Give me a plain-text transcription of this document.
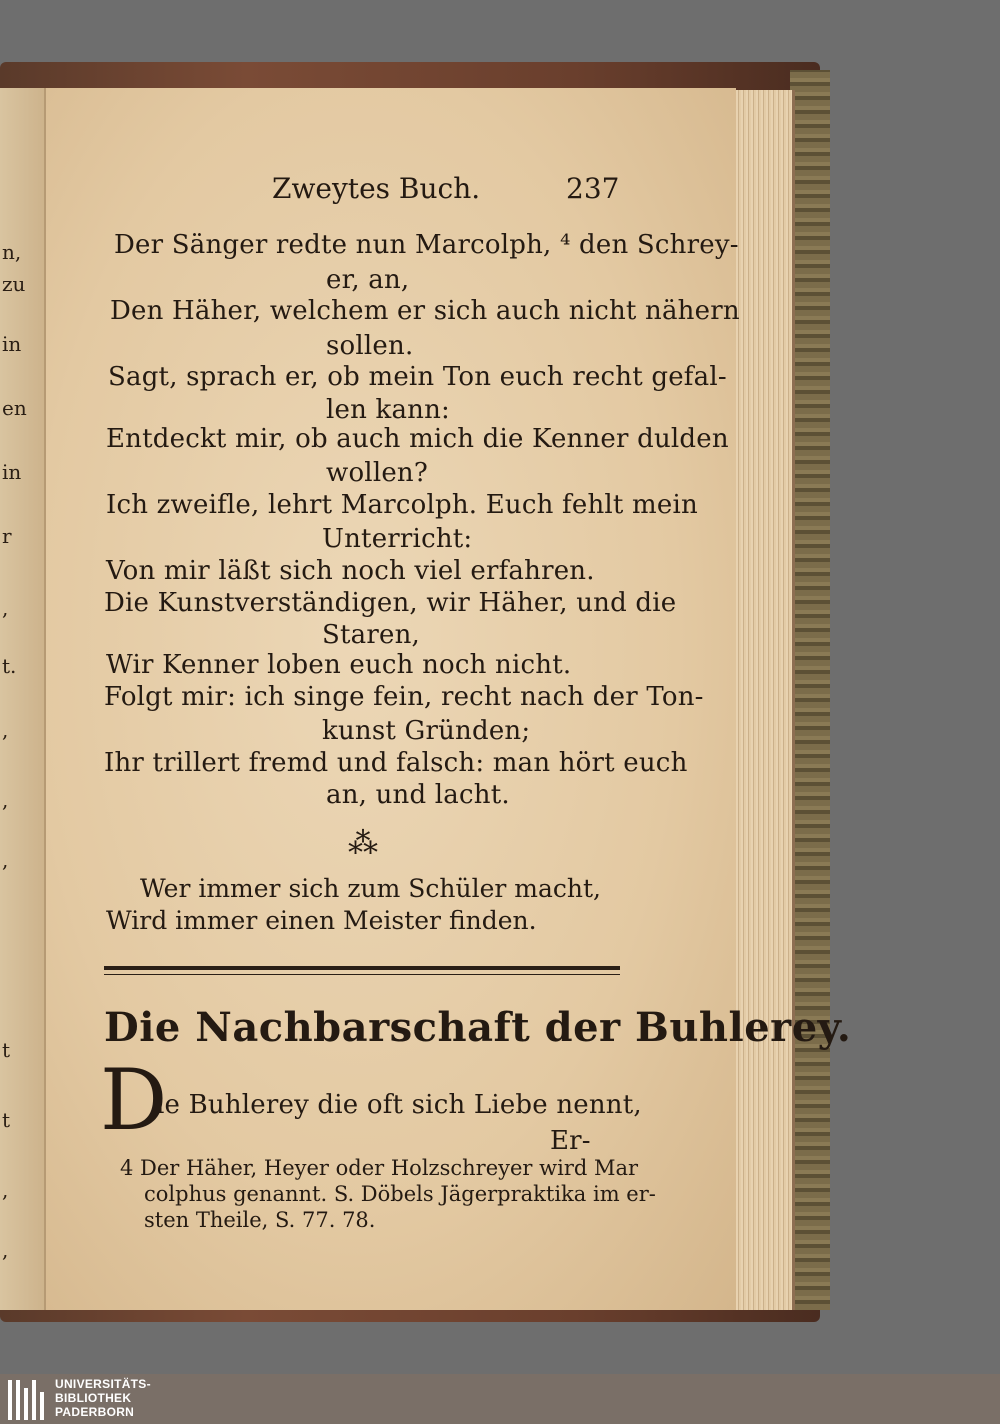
n,
zu
in
en
in
r
,
t.
,
,
,
t
t
,
,
Zweytes Buch.	237
Der Sänger redte nun Marcolph, ⁴ den Schrey-
er, an,
Den Häher, welchem er sich auch nicht nähern
sollen.
Sagt, sprach er, ob mein Ton euch recht gefal-
len kann:
Entdeckt mir, ob auch mich die Kenner dulden
wollen?
Ich zweifle, lehrt Marcolph. Euch fehlt mein
Unterricht:
Von mir läßt sich noch viel erfahren.
Die Kunstverständigen, wir Häher, und die
Staren,
Wir Kenner loben euch noch nicht.
Folgt mir: ich singe fein, recht nach der Ton-
kunst Gründen;
Ihr trillert fremd und falsch: man hört euch
an, und lacht.
⁂
Wer immer sich zum Schüler macht,
Wird immer einen Meister finden.
Die Nachbarschaft der Buhlerey.
D
ie Buhlerey die oft sich Liebe nennt,
Er-
4 Der Häher, Heyer oder Holzschreyer wird Mar
colphus genannt. S. Döbels Jägerpraktika im er-
sten Theile, S. 77. 78.
UNIVERSITÄTS-
BIBLIOTHEK
PADERBORN
